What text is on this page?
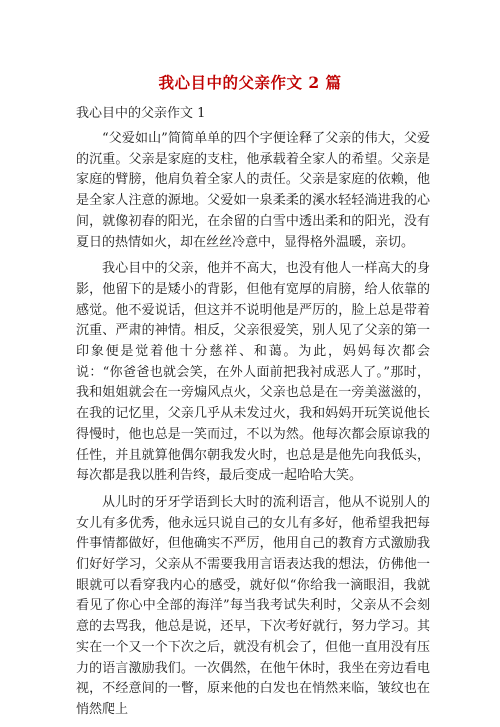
我心目中的父亲作文 2 篇

我心目中的父亲作文 1

“父爱如山”简简单单的四个字便诠释了父亲的伟大，父爱的沉重。父亲是家庭的支柱，他承载着全家人的希望。父亲是家庭的臂膀，他肩负着全家人的责任。父亲是家庭的依赖，他是全家人注意的源地。父爱如一泉柔柔的溪水轻轻淌进我的心间，就像初春的阳光，在余留的白雪中透出柔和的阳光，没有夏日的热情如火，却在丝丝冷意中，显得格外温暖，亲切。

我心目中的父亲，他并不高大，也没有他人一样高大的身影，他留下的是矮小的背影，但他有宽厚的肩膀，给人依靠的感觉。他不爱说话，但这并不说明他是严厉的，脸上总是带着沉重、严肃的神情。相反，父亲很爱笑，别人见了父亲的第一印象便是觉着他十分慈祥、和蔼。为此，妈妈每次都会说：“你爸爸也就会笑，在外人面前把我衬成恶人了。”那时，我和姐姐就会在一旁煽风点火，父亲也总是在一旁美滋滋的，在我的记忆里，父亲几乎从未发过火，我和妈妈开玩笑说他长得慢时，他也总是一笑而过，不以为然。他每次都会原谅我的任性，并且就算他偶尔朝我发火时，也总是是他先向我低头，每次都是我以胜利告终，最后变成一起哈哈大笑。

从儿时的牙牙学语到长大时的流利语言，他从不说别人的女儿有多优秀，他永远只说自己的女儿有多好，他希望我把每件事情都做好，但他确实不严厉，他用自己的教育方式激励我们好好学习，父亲从不需要我用言语表达我的想法，仿佛他一眼就可以看穿我内心的感受，就好似“你给我一滴眼泪，我就看见了你心中全部的海洋”每当我考试失利时，父亲从不会刻意的去骂我，他总是说，还早，下次考好就行，努力学习。其实在一个又一个下次之后，就没有机会了，但他一直用没有压力的语言激励我们。一次偶然，在他午休时，我坐在旁边看电视，不经意间的一瞥，原来他的白发也在悄然来临，皱纹也在悄然爬上
